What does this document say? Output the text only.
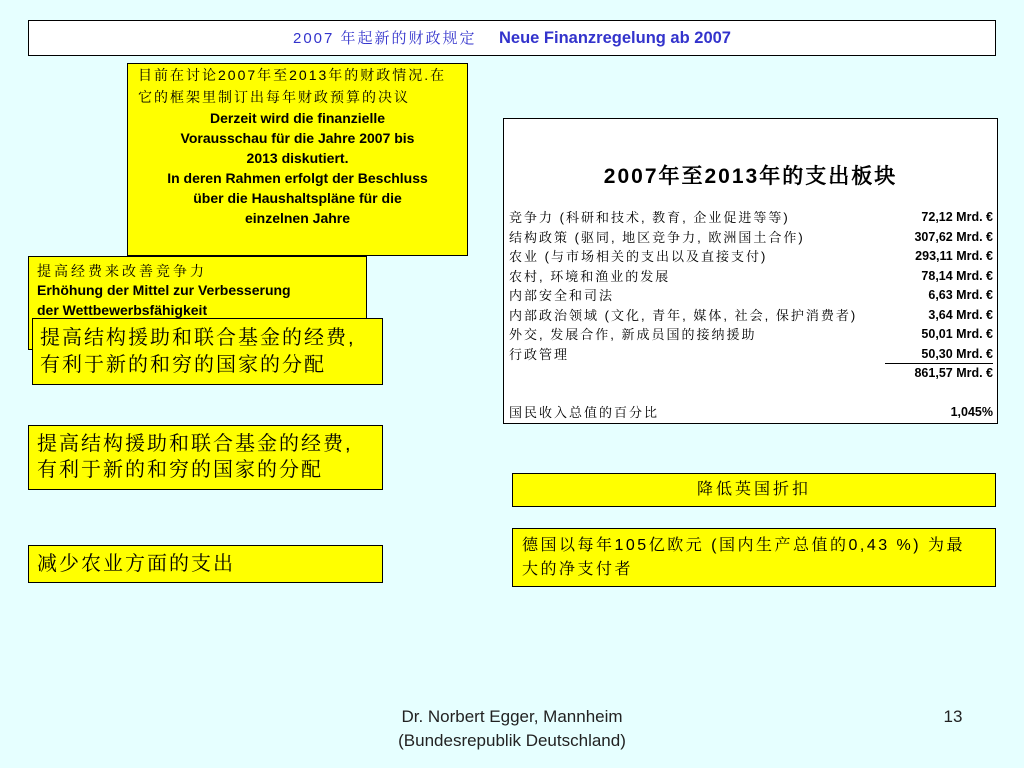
2007 年起新的财政规定 Neue Finanzregelung ab 2007
目前在讨论2007年至2013年的财政情况.在
它的框架里制订出每年财政预算的决议
Derzeit wird die finanzielle
Vorausschau für die Jahre 2007 bis
2013 diskutiert.
In deren Rahmen erfolgt der Beschluss
über die Haushaltspläne für die
einzelnen Jahre
提高经费来改善竞争力
Erhöhung der Mittel zur Verbesserung
der Wettbewerbsfähigkeit
提高结构援助和联合基金的经费,
有利于新的和穷的国家的分配
提高结构援助和联合基金的经费,
有利于新的和穷的国家的分配
减少农业方面的支出
2007年至2013年的支出板块
竞争力 (科研和技术, 教育, 企业促进等等)	72,12 Mrd. €
结构政策 (驱同, 地区竞争力, 欧洲国土合作)	307,62 Mrd. €
农业 (与市场相关的支出以及直接支付)	293,11 Mrd. €
农村, 环境和渔业的发展	78,14 Mrd. €
内部安全和司法	6,63 Mrd. €
内部政治领域 (文化, 青年, 媒体, 社会, 保护消费者)	3,64 Mrd. €
外交, 发展合作, 新成员国的接纳援助	50,01 Mrd. €
行政管理	50,30 Mrd. €
861,57 Mrd. €
国民收入总值的百分比	1,045%
降低英国折扣
德国以每年105亿欧元 (国内生产总值的0,43 %) 为最
大的净支付者
Dr. Norbert Egger, Mannheim
(Bundesrepublik Deutschland)
13
